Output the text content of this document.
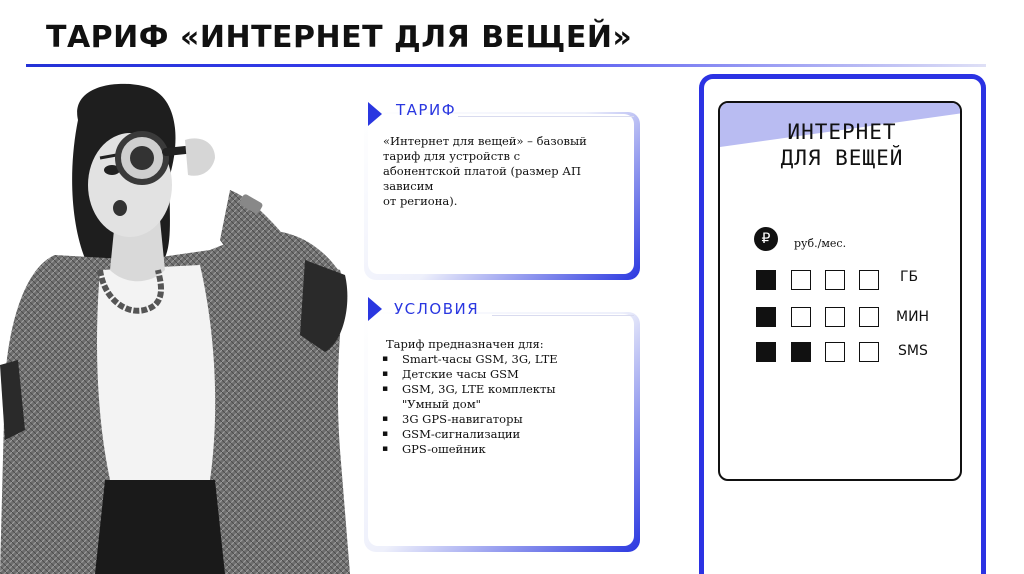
ТАРИФ «ИНТЕРНЕТ ДЛЯ ВЕЩЕЙ»
ТАРИФ
«Интернет для вещей» – базовый
тариф для устройств с
абонентской платой (размер АП
зависим
от региона).
УСЛОВИЯ
Тариф предназначен для:
▪ Smart-часы GSM, 3G, LTE
▪ Детские часы GSM
▪ GSM, 3G, LTE комплекты "Умный дом"
▪ 3G GPS-навигаторы
▪ GSM-сигнализации
▪ GPS-ошейник
ИНТЕРНЕТ
ДЛЯ ВЕЩЕЙ
₽	руб./мес.
ГБ
МИН
SMS
